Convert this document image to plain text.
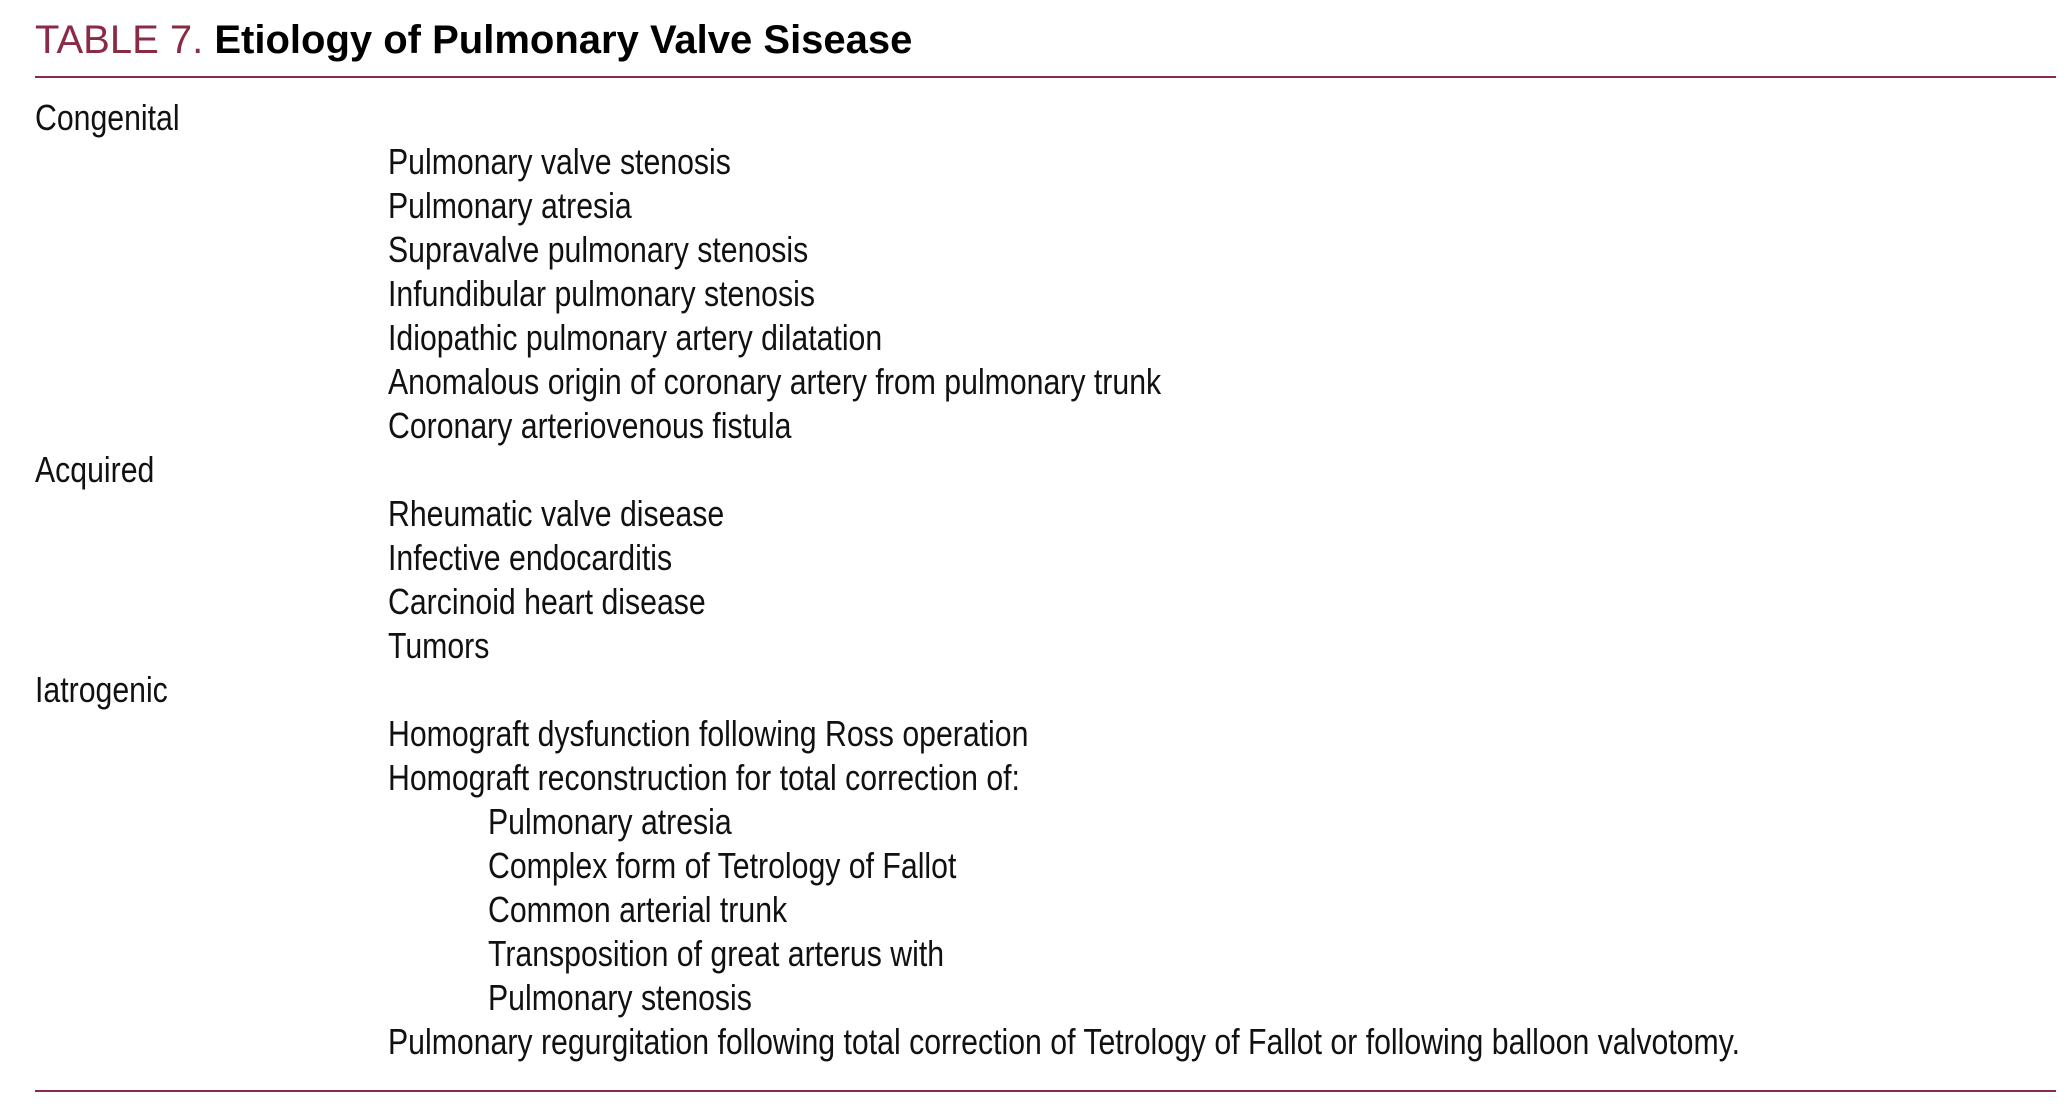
TABLE 7. Etiology of Pulmonary Valve Sisease
Congenital
Pulmonary valve stenosis
Pulmonary atresia
Supravalve pulmonary stenosis
Infundibular pulmonary stenosis
Idiopathic pulmonary artery dilatation
Anomalous origin of coronary artery from pulmonary trunk
Coronary arteriovenous fistula
Acquired
Rheumatic valve disease
Infective endocarditis
Carcinoid heart disease
Tumors
Iatrogenic
Homograft dysfunction following Ross operation
Homograft reconstruction for total correction of:
Pulmonary atresia
Complex form of Tetrology of Fallot
Common arterial trunk
Transposition of great arterus with
Pulmonary stenosis
Pulmonary regurgitation following total correction of Tetrology of Fallot or following balloon valvotomy.
